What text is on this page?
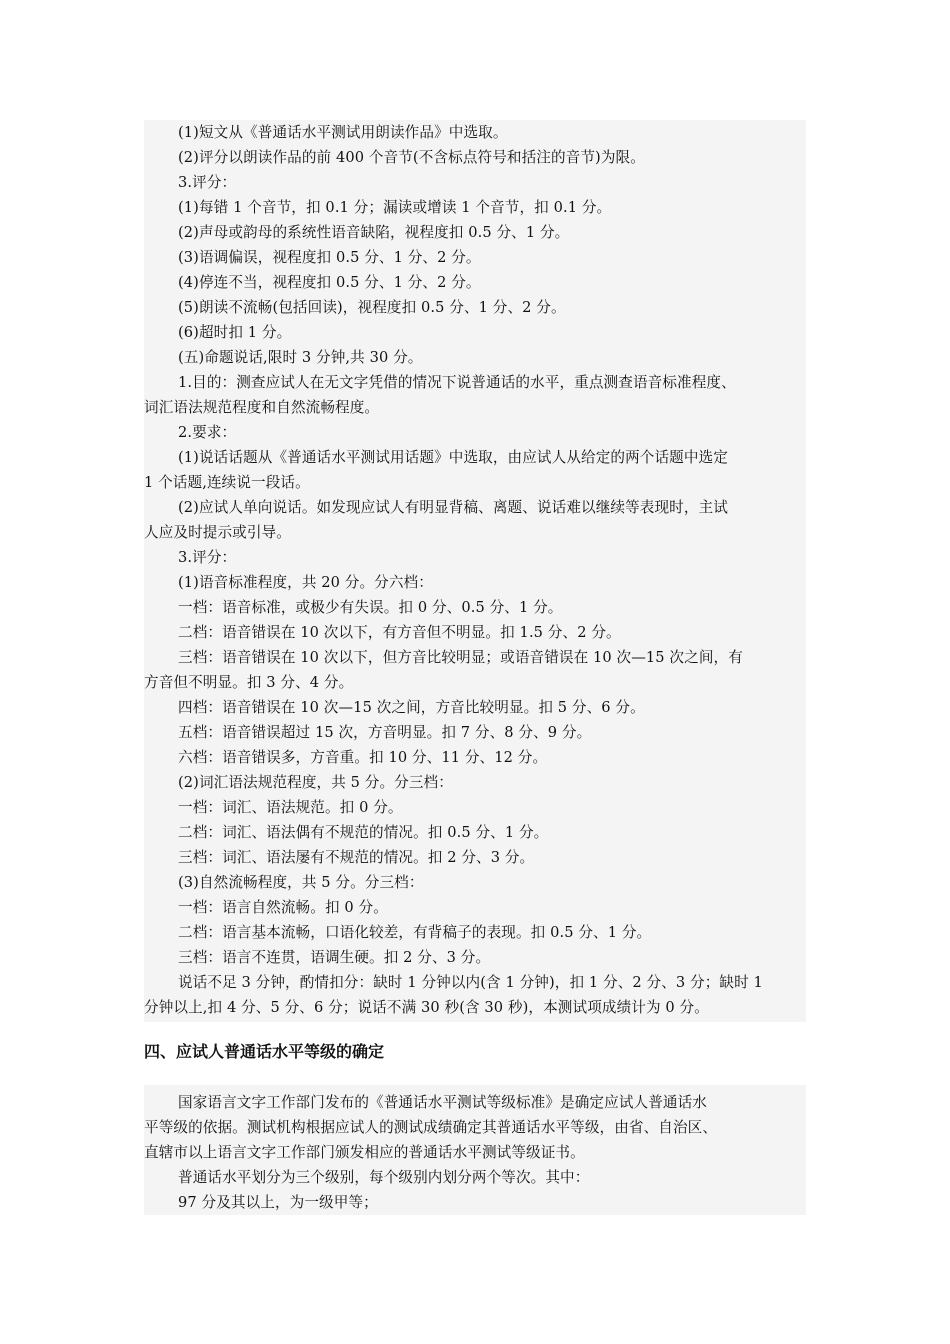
(1)短文从《普通话水平测试用朗读作品》中选取。
(2)评分以朗读作品的前 400 个音节(不含标点符号和括注的音节)为限。
3.评分：
(1)每错 1 个音节，扣 0.1 分；漏读或增读 1 个音节，扣 0.1 分。
(2)声母或韵母的系统性语音缺陷，视程度扣 0.5 分、1 分。
(3)语调偏误，视程度扣 0.5 分、1 分、2 分。
(4)停连不当，视程度扣 0.5 分、1 分、2 分。
(5)朗读不流畅(包括回读)，视程度扣 0.5 分、1 分、2 分。
(6)超时扣 1 分。
(五)命题说话,限时 3 分钟,共 30 分。
1.目的：测查应试人在无文字凭借的情况下说普通话的水平，重点测查语音标准程度、
词汇语法规范程度和自然流畅程度。
2.要求：
(1)说话话题从《普通话水平测试用话题》中选取，由应试人从给定的两个话题中选定
1 个话题,连续说一段话。
(2)应试人单向说话。如发现应试人有明显背稿、离题、说话难以继续等表现时，主试
人应及时提示或引导。
3.评分：
(1)语音标准程度，共 20 分。分六档：
一档：语音标准，或极少有失误。扣 0 分、0.5 分、1 分。
二档：语音错误在 10 次以下，有方音但不明显。扣 1.5 分、2 分。
三档：语音错误在 10 次以下，但方音比较明显；或语音错误在 10 次—15 次之间，有
方音但不明显。扣 3 分、4 分。
四档：语音错误在 10 次—15 次之间，方音比较明显。扣 5 分、6 分。
五档：语音错误超过 15 次，方音明显。扣 7 分、8 分、9 分。
六档：语音错误多，方音重。扣 10 分、11 分、12 分。
(2)词汇语法规范程度，共 5 分。分三档：
一档：词汇、语法规范。扣 0 分。
二档：词汇、语法偶有不规范的情况。扣 0.5 分、1 分。
三档：词汇、语法屡有不规范的情况。扣 2 分、3 分。
(3)自然流畅程度，共 5 分。分三档：
一档：语言自然流畅。扣 0 分。
二档：语言基本流畅，口语化较差，有背稿子的表现。扣 0.5 分、1 分。
三档：语言不连贯，语调生硬。扣 2 分、3 分。
说话不足 3 分钟，酌情扣分：缺时 1 分钟以内(含 1 分钟)，扣 1 分、2 分、3 分；缺时 1
分钟以上,扣 4 分、5 分、6 分；说话不满 30 秒(含 30 秒)，本测试项成绩计为 0 分。
四、应试人普通话水平等级的确定
国家语言文字工作部门发布的《普通话水平测试等级标准》是确定应试人普通话水
平等级的依据。测试机构根据应试人的测试成绩确定其普通话水平等级，由省、自治区、
直辖市以上语言文字工作部门颁发相应的普通话水平测试等级证书。
普通话水平划分为三个级别，每个级别内划分两个等次。其中：
97 分及其以上，为一级甲等；
